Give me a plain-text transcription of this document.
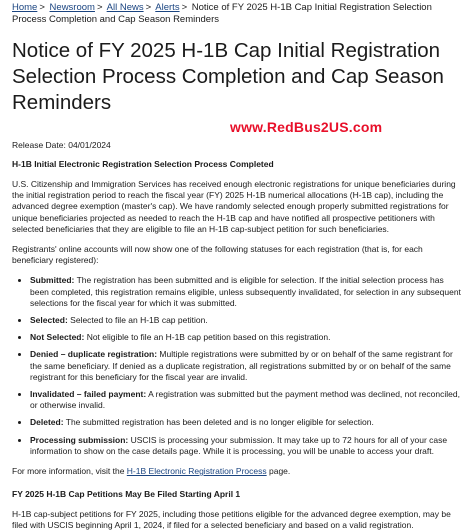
Home > Newsroom > All News > Alerts > Notice of FY 2025 H-1B Cap Initial Registration Selection Process Completion and Cap Season Reminders
Notice of FY 2025 H-1B Cap Initial Registration Selection Process Completion and Cap Season Reminders
www.RedBus2US.com
Release Date: 04/01/2024
H-1B Initial Electronic Registration Selection Process Completed

U.S. Citizenship and Immigration Services has received enough electronic registrations for unique beneficiaries during the initial registration period to reach the fiscal year (FY) 2025 H-1B numerical allocations (H-1B cap), including the advanced degree exemption (master's cap). We have randomly selected enough properly submitted registrations for unique beneficiaries projected as needed to reach the H-1B cap and have notified all prospective petitioners with selected beneficiaries that they are eligible to file an H-1B cap-subject petition for such beneficiaries.

Registrants' online accounts will now show one of the following statuses for each registration (that is, for each beneficiary registered):

• Submitted: The registration has been submitted and is eligible for selection. If the initial selection process has been completed, this registration remains eligible, unless subsequently invalidated, for selection in any subsequent selections for the fiscal year for which it was submitted.
• Selected: Selected to file an H-1B cap petition.
• Not Selected: Not eligible to file an H-1B cap petition based on this registration.
• Denied – duplicate registration: Multiple registrations were submitted by or on behalf of the same registrant for the same beneficiary. If denied as a duplicate registration, all registrations submitted by or on behalf of the same registrant for this beneficiary for the fiscal year are invalid.
• Invalidated – failed payment: A registration was submitted but the payment method was declined, not reconciled, or otherwise invalid.
• Deleted: The submitted registration has been deleted and is no longer eligible for selection.
• Processing submission: USCIS is processing your submission. It may take up to 72 hours for all of your case information to show on the case details page. While it is processing, you will be unable to access your draft.

For more information, visit the H-1B Electronic Registration Process page.

FY 2025 H-1B Cap Petitions May Be Filed Starting April 1

H-1B cap-subject petitions for FY 2025, including those petitions eligible for the advanced degree exemption, may be filed with USCIS beginning April 1, 2024, if filed for a selected beneficiary and based on a valid registration.
